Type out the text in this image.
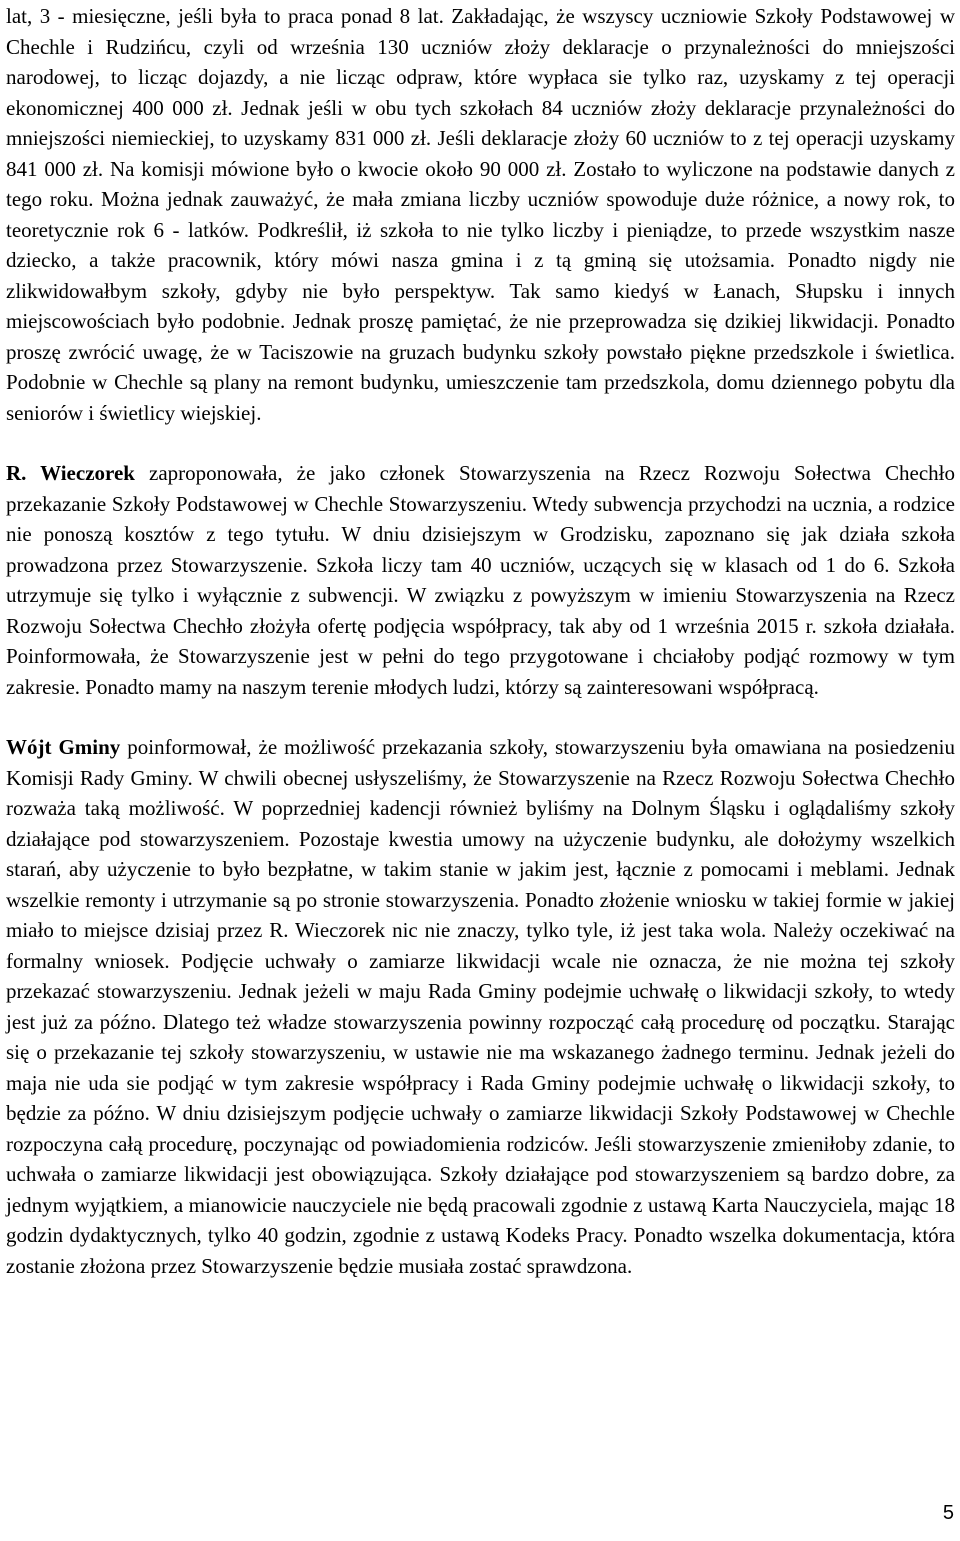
lat, 3 - miesięczne, jeśli była to praca ponad 8 lat. Zakładając, że wszyscy uczniowie Szkoły Podstawowej w Chechle i Rudzińcu, czyli od września 130 uczniów złoży deklaracje o przynależności do mniejszości narodowej, to licząc dojazdy, a nie licząc odpraw, które wypłaca sie tylko raz, uzyskamy z tej operacji ekonomicznej 400 000 zł. Jednak jeśli w obu tych szkołach 84 uczniów złoży deklaracje przynależności do mniejszości niemieckiej, to uzyskamy 831 000 zł. Jeśli deklaracje złoży 60 uczniów to z tej operacji uzyskamy 841 000 zł. Na komisji mówione było o kwocie około 90 000 zł. Zostało to wyliczone na podstawie danych z tego roku. Można jednak zauważyć, że mała zmiana liczby uczniów spowoduje duże różnice, a nowy rok, to teoretycznie rok 6 - latków. Podkreślił, iż szkoła to nie tylko liczby i pieniądze, to przede wszystkim nasze dziecko, a także pracownik, który mówi nasza gmina i z tą gminą się utożsamia. Ponadto nigdy nie zlikwidowałbym szkoły, gdyby nie było perspektyw. Tak samo kiedyś w Łanach, Słupsku i innych miejscowościach było podobnie. Jednak proszę pamiętać, że nie przeprowadza się dzikiej likwidacji. Ponadto proszę zwrócić uwagę, że w Taciszowie na gruzach budynku szkoły powstało piękne przedszkole i świetlica. Podobnie w Chechle są plany na remont budynku, umieszczenie tam przedszkola, domu dziennego pobytu dla seniorów i świetlicy wiejskiej.

R. Wieczorek zaproponowała, że jako członek Stowarzyszenia na Rzecz Rozwoju Sołectwa Chechło przekazanie Szkoły Podstawowej w Chechle Stowarzyszeniu. Wtedy subwencja przychodzi na ucznia, a rodzice nie ponoszą kosztów z tego tytułu. W dniu dzisiejszym w Grodzisku, zapoznano się jak działa szkoła prowadzona przez Stowarzyszenie. Szkoła liczy tam 40 uczniów, uczących się w klasach od 1 do 6. Szkoła utrzymuje się tylko i wyłącznie z subwencji. W związku z powyższym w imieniu Stowarzyszenia na Rzecz Rozwoju Sołectwa Chechło złożyła ofertę podjęcia współpracy, tak aby od 1 września 2015 r. szkoła działała. Poinformowała, że Stowarzyszenie jest w pełni do tego przygotowane i chciałoby podjąć rozmowy w tym zakresie. Ponadto mamy na naszym terenie młodych ludzi, którzy są zainteresowani współpracą.

Wójt Gminy poinformował, że możliwość przekazania szkoły, stowarzyszeniu była omawiana na posiedzeniu Komisji Rady Gminy. W chwili obecnej usłyszeliśmy, że Stowarzyszenie na Rzecz Rozwoju Sołectwa Chechło rozważa taką możliwość. W poprzedniej kadencji również byliśmy na Dolnym Śląsku i oglądaliśmy szkoły działające pod stowarzyszeniem. Pozostaje kwestia umowy na użyczenie budynku, ale dołożymy wszelkich starań, aby użyczenie to było bezpłatne, w takim stanie w jakim jest, łącznie z pomocami i meblami. Jednak wszelkie remonty i utrzymanie są po stronie stowarzyszenia. Ponadto złożenie wniosku w takiej formie w jakiej miało to miejsce dzisiaj przez R. Wieczorek nic nie znaczy, tylko tyle, iż jest taka wola. Należy oczekiwać na formalny wniosek. Podjęcie uchwały o zamiarze likwidacji wcale nie oznacza, że nie można tej szkoły przekazać stowarzyszeniu. Jednak jeżeli w maju Rada Gminy podejmie uchwałę o likwidacji szkoły, to wtedy jest już za późno. Dlatego też władze stowarzyszenia powinny rozpocząć całą procedurę od początku. Starając się o przekazanie tej szkoły stowarzyszeniu, w ustawie nie ma wskazanego żadnego terminu. Jednak jeżeli do maja nie uda sie podjąć w tym zakresie współpracy i Rada Gminy podejmie uchwałę o likwidacji szkoły, to będzie za późno. W dniu dzisiejszym podjęcie uchwały o zamiarze likwidacji Szkoły Podstawowej w Chechle rozpoczyna całą procedurę, poczynając od powiadomienia rodziców. Jeśli stowarzyszenie zmieniłoby zdanie, to uchwała o zamiarze likwidacji jest obowiązująca. Szkoły działające pod stowarzyszeniem są bardzo dobre, za jednym wyjątkiem, a mianowicie nauczyciele nie będą pracowali zgodnie z ustawą Karta Nauczyciela, mając 18 godzin dydaktycznych, tylko 40 godzin, zgodnie z ustawą Kodeks Pracy. Ponadto wszelka dokumentacja, która zostanie złożona przez Stowarzyszenie będzie musiała zostać sprawdzona.

5
